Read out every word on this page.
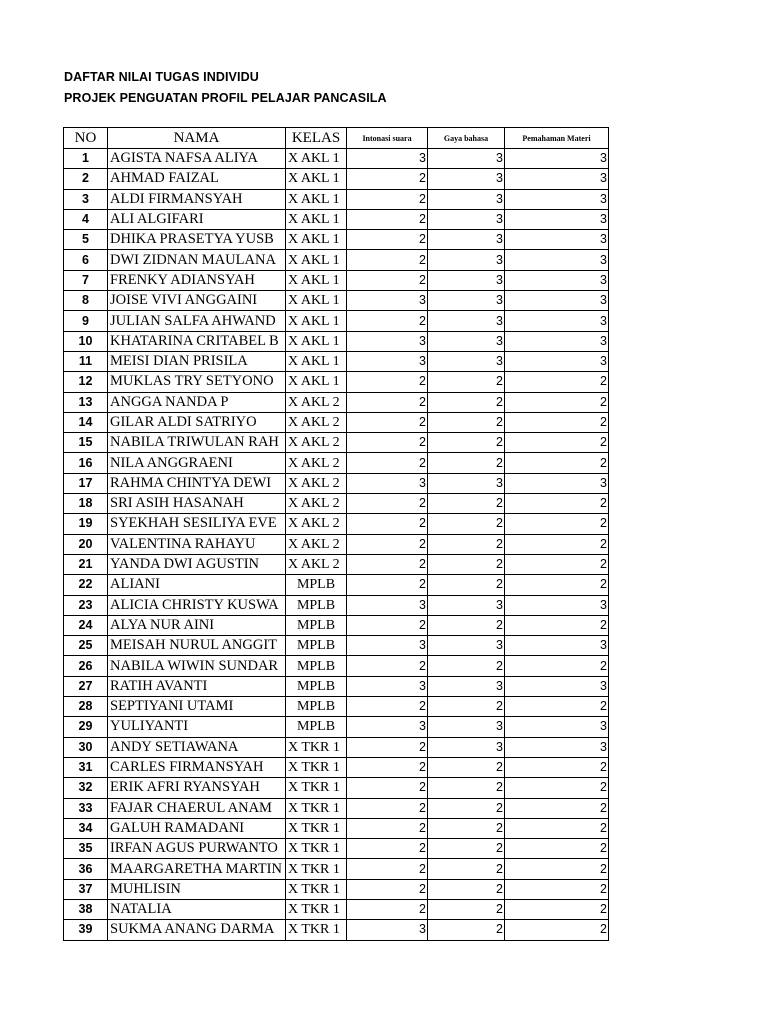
DAFTAR NILAI TUGAS INDIVIDU
PROJEK PENGUATAN PROFIL PELAJAR PANCASILA
NO	NAMA	KELAS	Intonasi suara	Gaya bahasa	Pemahaman Materi
1	AGISTA NAFSA ALIYA	X AKL 1	3	3	3
2	AHMAD FAIZAL	X AKL 1	2	3	3
3	ALDI FIRMANSYAH	X AKL 1	2	3	3
4	ALI ALGIFARI	X AKL 1	2	3	3
5	DHIKA PRASETYA YUSB	X AKL 1	2	3	3
6	DWI ZIDNAN MAULANA	X AKL 1	2	3	3
7	FRENKY ADIANSYAH	X AKL 1	2	3	3
8	JOISE VIVI ANGGAINI	X AKL 1	3	3	3
9	JULIAN SALFA AHWAND	X AKL 1	2	3	3
10	KHATARINA CRITABEL B	X AKL 1	3	3	3
11	MEISI DIAN PRISILA	X AKL 1	3	3	3
12	MUKLAS TRY SETYONO	X AKL 1	2	2	2
13	ANGGA NANDA P	X AKL 2	2	2	2
14	GILAR ALDI SATRIYO	X AKL 2	2	2	2
15	NABILA TRIWULAN RAH	X AKL 2	2	2	2
16	NILA ANGGRAENI	X AKL 2	2	2	2
17	RAHMA CHINTYA DEWI	X AKL 2	3	3	3
18	SRI ASIH HASANAH	X AKL 2	2	2	2
19	SYEKHAH SESILIYA EVE	X AKL 2	2	2	2
20	VALENTINA RAHAYU	X AKL 2	2	2	2
21	YANDA DWI AGUSTIN	X AKL 2	2	2	2
22	ALIANI	MPLB	2	2	2
23	ALICIA CHRISTY KUSWA	MPLB	3	3	3
24	ALYA NUR AINI	MPLB	2	2	2
25	MEISAH NURUL ANGGIT	MPLB	3	3	3
26	NABILA WIWIN SUNDAR	MPLB	2	2	2
27	RATIH AVANTI	MPLB	3	3	3
28	SEPTIYANI UTAMI	MPLB	2	2	2
29	YULIYANTI	MPLB	3	3	3
30	ANDY SETIAWANA	X TKR 1	2	3	3
31	CARLES FIRMANSYAH	X TKR 1	2	2	2
32	ERIK AFRI RYANSYAH	X TKR 1	2	2	2
33	FAJAR CHAERUL ANAM	X TKR 1	2	2	2
34	GALUH RAMADANI	X TKR 1	2	2	2
35	IRFAN AGUS PURWANTO	X TKR 1	2	2	2
36	MAARGARETHA MARTIN	X TKR 1	2	2	2
37	MUHLISIN	X TKR 1	2	2	2
38	NATALIA	X TKR 1	2	2	2
39	SUKMA ANANG DARMA	X TKR 1	3	2	2
